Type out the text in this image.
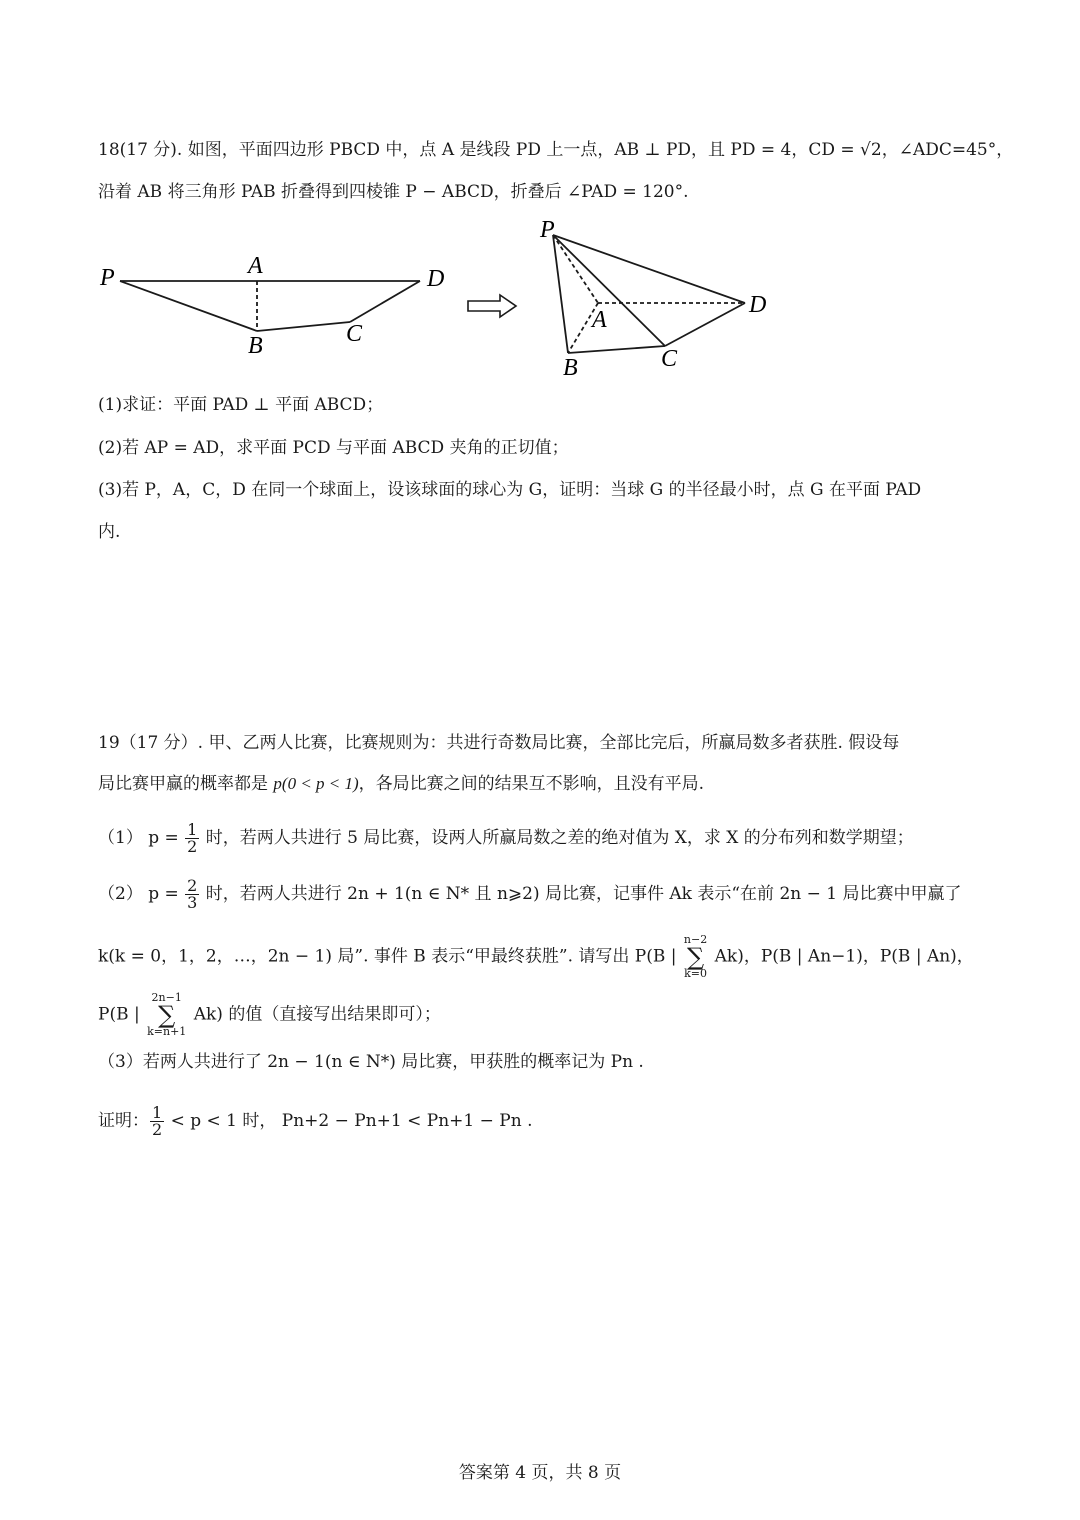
18(17 分). 如图，平面四边形 PBCD 中，点 A 是线段 PD 上一点，AB ⊥ PD，且 PD = 4，CD = √2，∠ADC=45°，
沿着 AB 将三角形 PAB 折叠得到四棱锥 P − ABCD，折叠后 ∠PAD = 120°.
P	A	D
B	C
P
A
D
B	C
(1)求证：平面 PAD ⊥ 平面 ABCD；
(2)若 AP = AD，求平面 PCD 与平面 ABCD 夹角的正切值；
(3)若 P，A，C，D 在同一个球面上，设该球面的球心为 G，证明：当球 G 的半径最小时，点 G 在平面 PAD
内.
19（17 分）. 甲、乙两人比赛，比赛规则为：共进行奇数局比赛，全部比完后，所赢局数多者获胜. 假设每
局比赛甲赢的概率都是 p(0 < p < 1)，各局比赛之间的结果互不影响，且没有平局.
（1） $p = \frac{1}{2}$ 时，若两人共进行 5 局比赛，设两人所赢局数之差的绝对值为 X，求 X 的分布列和数学期望；
（2） $p = \frac{2}{3}$ 时，若两人共进行 2n + 1(n ∈ N* 且 n⩾2) 局比赛，记事件 Ak 表示“在前 2n − 1 局比赛中甲赢了
k(k = 0，1，2，…，2n − 1) 局”. 事件 B 表示“甲最终获胜”. 请写出 P(B |
n−2
∑
k=0
Ak)，P(B | An−1)，P(B | An)，
P(B |
2n−1
∑
k=n+1
Ak) 的值（直接写出结果即可）；
（3）若两人共进行了 2n − 1(n ∈ N*) 局比赛，甲获胜的概率记为 Pn .
证明： $\frac{1}{2} < p < 1$ 时， Pn+2 − Pn+1 < Pn+1 − Pn .
答案第 4 页，共 8 页
